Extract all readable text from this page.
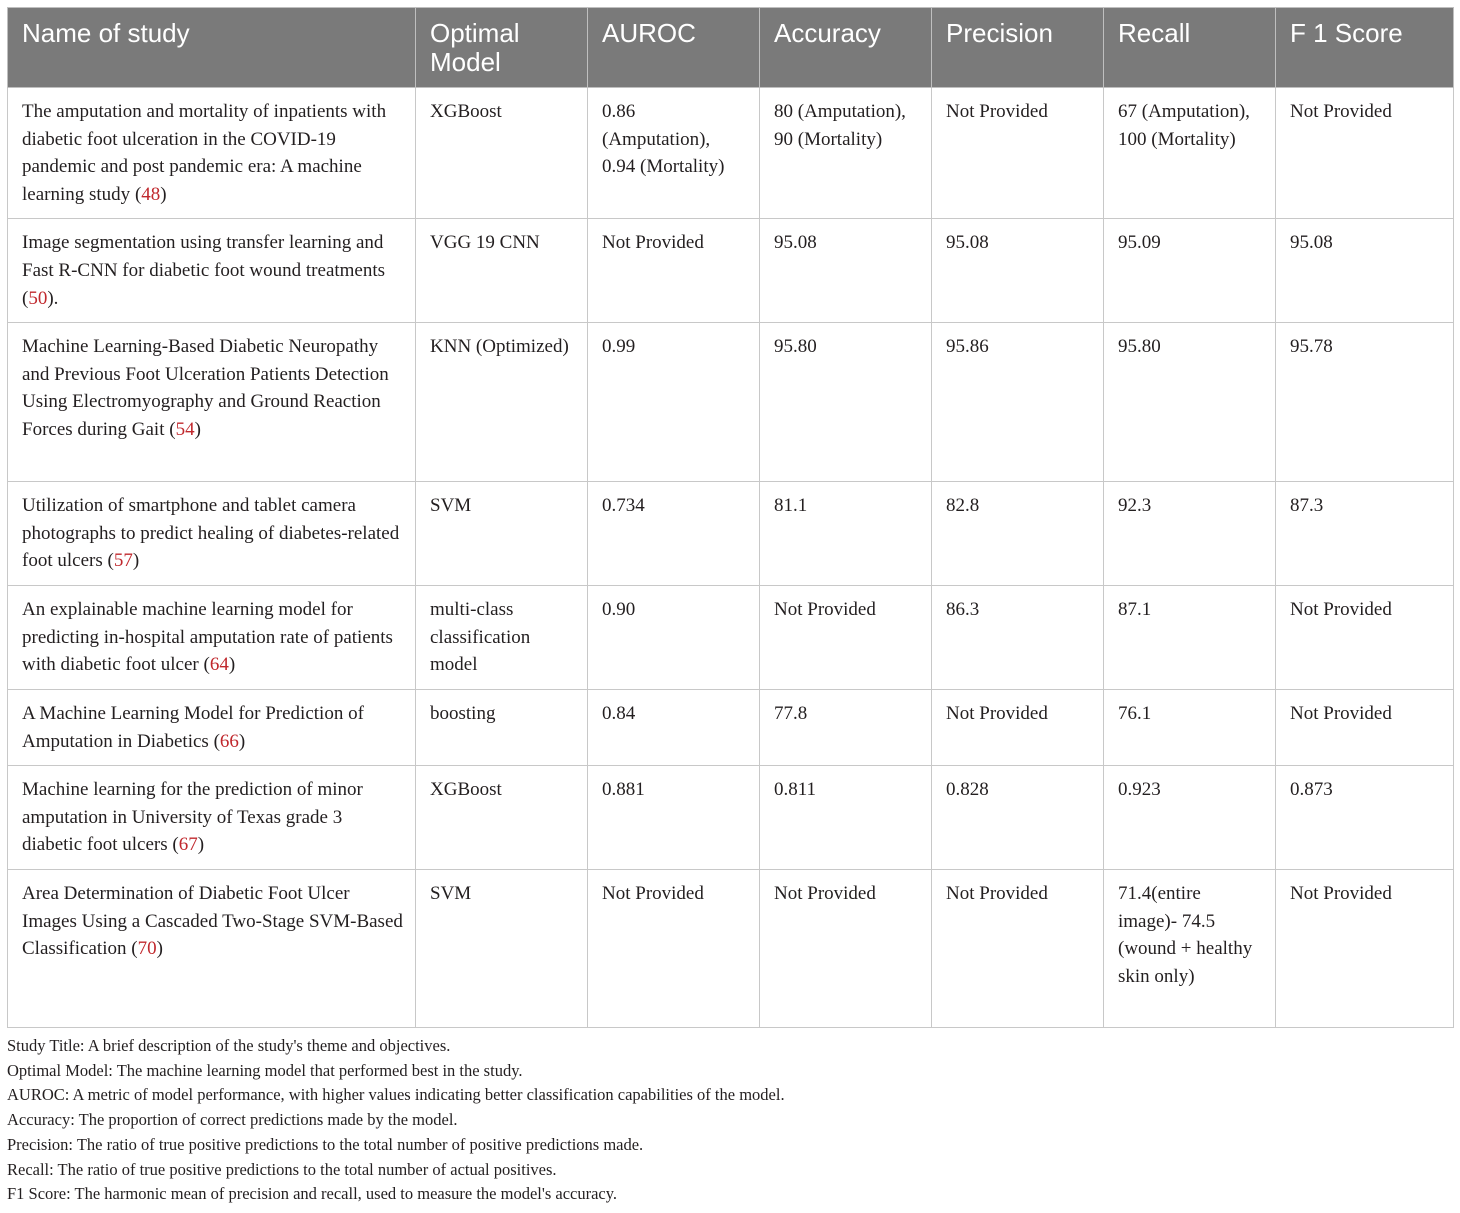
Name of study	Optimal Model	AUROC	Accuracy	Precision	Recall	F 1 Score
The amputation and mortality of inpatients with diabetic foot ulceration in the COVID-19 pandemic and post pandemic era: A machine learning study (48)	XGBoost	0.86 (Amputation), 0.94 (Mortality)	80 (Amputation), 90 (Mortality)	Not Provided	67 (Amputation), 100 (Mortality)	Not Provided
Image segmentation using transfer learning and Fast R-CNN for diabetic foot wound treatments (50).	VGG 19 CNN	Not Provided	95.08	95.08	95.09	95.08
Machine Learning-Based Diabetic Neuropathy and Previous Foot Ulceration Patients Detection Using Electromyography and Ground Reaction Forces during Gait (54)	KNN (Optimized)	0.99	95.80	95.86	95.80	95.78
Utilization of smartphone and tablet camera photographs to predict healing of diabetes-related foot ulcers (57)	SVM	0.734	81.1	82.8	92.3	87.3
An explainable machine learning model for predicting in-hospital amputation rate of patients with diabetic foot ulcer (64)	multi-class classification model	0.90	Not Provided	86.3	87.1	Not Provided
A Machine Learning Model for Prediction of Amputation in Diabetics (66)	boosting	0.84	77.8	Not Provided	76.1	Not Provided
Machine learning for the prediction of minor amputation in University of Texas grade 3 diabetic foot ulcers (67)	XGBoost	0.881	0.811	0.828	0.923	0.873
Area Determination of Diabetic Foot Ulcer Images Using a Cascaded Two-Stage SVM-Based Classification (70)	SVM	Not Provided	Not Provided	Not Provided	71.4(entire image)- 74.5 (wound + healthy skin only)	Not Provided
Study Title: A brief description of the study's theme and objectives.
Optimal Model: The machine learning model that performed best in the study.
AUROC: A metric of model performance, with higher values indicating better classification capabilities of the model.
Accuracy: The proportion of correct predictions made by the model.
Precision: The ratio of true positive predictions to the total number of positive predictions made.
Recall: The ratio of true positive predictions to the total number of actual positives.
F1 Score: The harmonic mean of precision and recall, used to measure the model's accuracy.
